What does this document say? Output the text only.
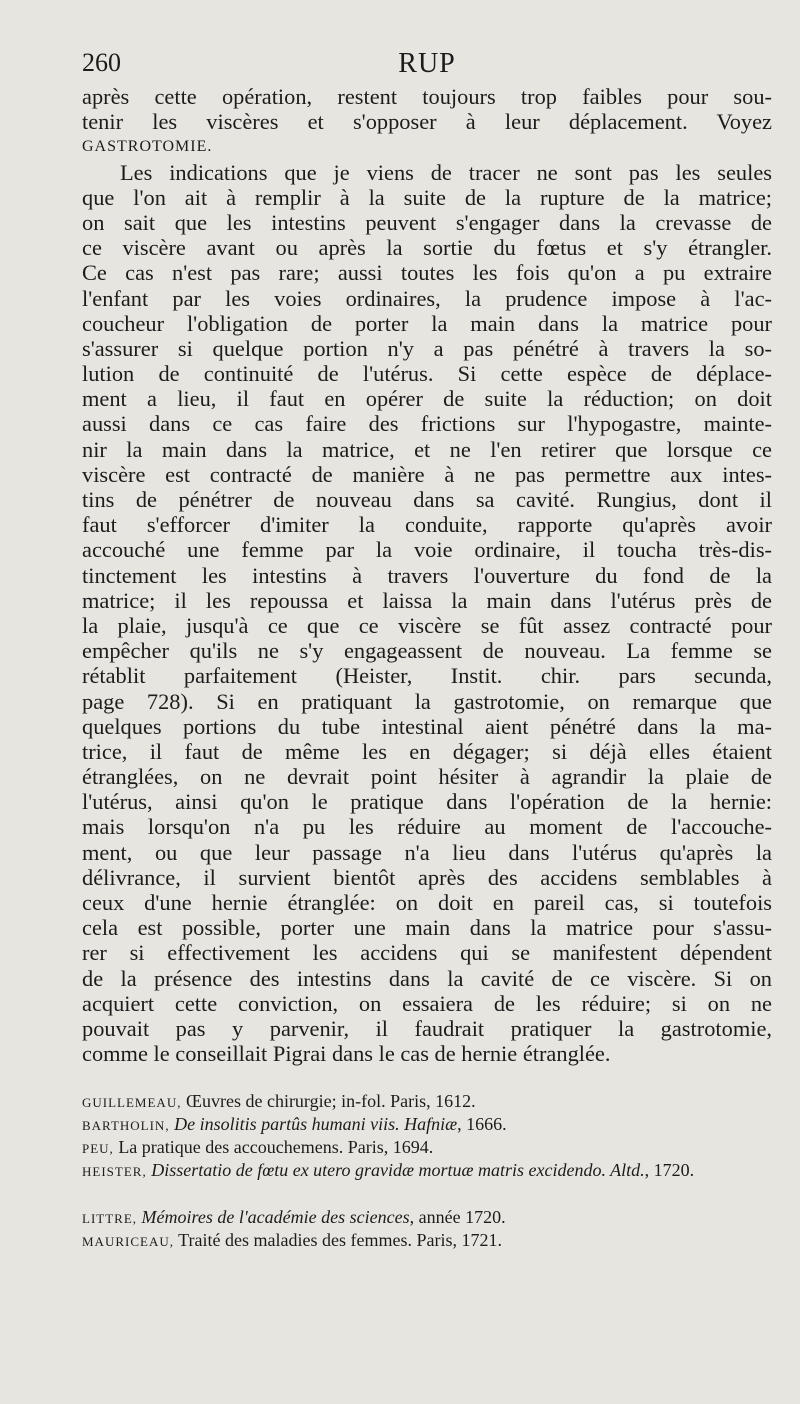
260	RUP
après cette opération, restent toujours trop faibles pour sou-
tenir les viscères et s'opposer à leur déplacement. Voyez
GASTROTOMIE.
Les indications que je viens de tracer ne sont pas les seules
que l'on ait à remplir à la suite de la rupture de la matrice;
on sait que les intestins peuvent s'engager dans la crevasse de
ce viscère avant ou après la sortie du fœtus et s'y étrangler.
Ce cas n'est pas rare; aussi toutes les fois qu'on a pu extraire
l'enfant par les voies ordinaires, la prudence impose à l'ac-
coucheur l'obligation de porter la main dans la matrice pour
s'assurer si quelque portion n'y a pas pénétré à travers la so-
lution de continuité de l'utérus. Si cette espèce de déplace-
ment a lieu, il faut en opérer de suite la réduction; on doit
aussi dans ce cas faire des frictions sur l'hypogastre, mainte-
nir la main dans la matrice, et ne l'en retirer que lorsque ce
viscère est contracté de manière à ne pas permettre aux intes-
tins de pénétrer de nouveau dans sa cavité. Rungius, dont il
faut s'efforcer d'imiter la conduite, rapporte qu'après avoir
accouché une femme par la voie ordinaire, il toucha très-dis-
tinctement les intestins à travers l'ouverture du fond de la
matrice; il les repoussa et laissa la main dans l'utérus près de
la plaie, jusqu'à ce que ce viscère se fût assez contracté pour
empêcher qu'ils ne s'y engageassent de nouveau. La femme se
rétablit parfaitement (Heister, Instit. chir. pars secunda,
page 728). Si en pratiquant la gastrotomie, on remarque que
quelques portions du tube intestinal aient pénétré dans la ma-
trice, il faut de même les en dégager; si déjà elles étaient
étranglées, on ne devrait point hésiter à agrandir la plaie de
l'utérus, ainsi qu'on le pratique dans l'opération de la hernie:
mais lorsqu'on n'a pu les réduire au moment de l'accouche-
ment, ou que leur passage n'a lieu dans l'utérus qu'après la
délivrance, il survient bientôt après des accidens semblables à
ceux d'une hernie étranglée: on doit en pareil cas, si toutefois
cela est possible, porter une main dans la matrice pour s'assu-
rer si effectivement les accidens qui se manifestent dépendent
de la présence des intestins dans la cavité de ce viscère. Si on
acquiert cette conviction, on essaiera de les réduire; si on ne
pouvait pas y parvenir, il faudrait pratiquer la gastrotomie,
comme le conseillait Pigrai dans le cas de hernie étranglée.
GUILLEMEAU, Œuvres de chirurgie; in-fol. Paris, 1612.
BARTHOLIN, De insolitis partûs humani viis. Hafniæ, 1666.
PEU, La pratique des accouchemens. Paris, 1694.
HEISTER, Dissertatio de fœtu ex utero gravidæ mortuæ matris excidendo. Altd., 1720.
LITTRE, Mémoires de l'académie des sciences, année 1720.
MAURICEAU, Traité des maladies des femmes. Paris, 1721.
